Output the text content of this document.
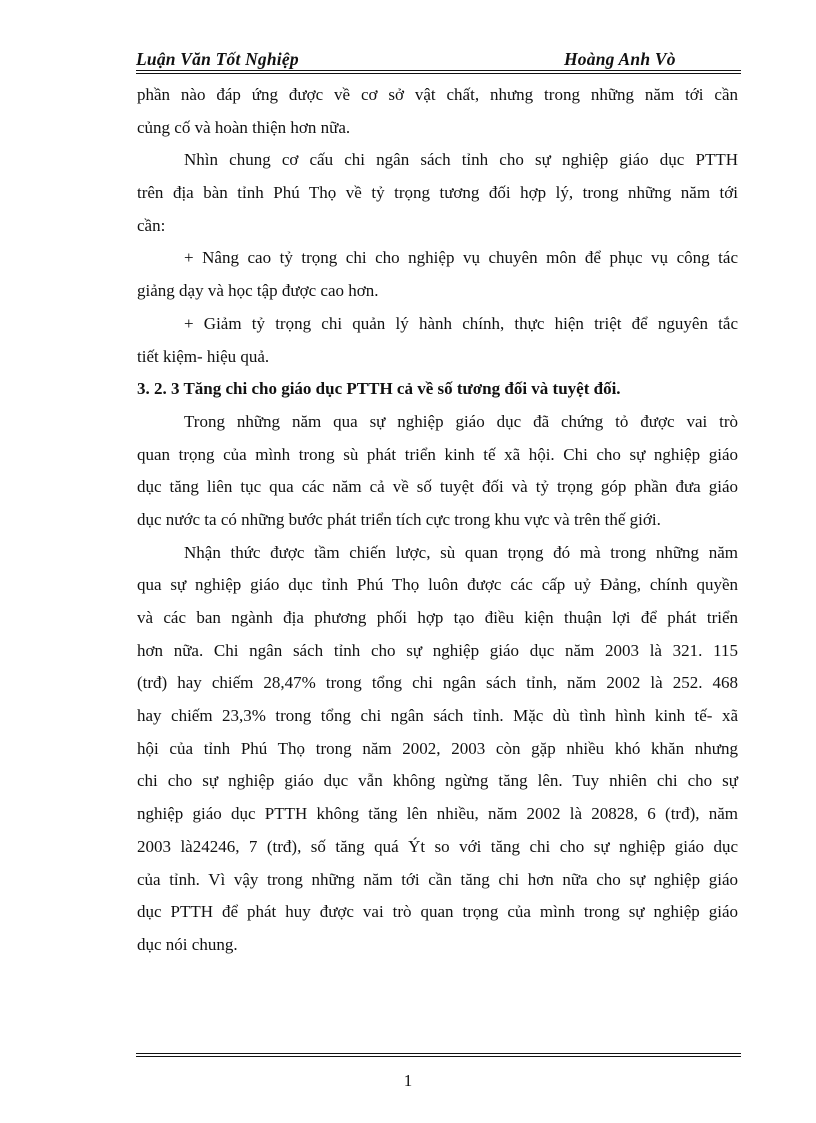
Luận Văn Tốt Nghiệp	Hoàng Anh Vò
phần nào đáp ứng được về cơ sở vật chất, nhưng trong những năm tới cần
củng cố và hoàn thiện hơn nữa.
Nhìn chung cơ cấu chi ngân sách tỉnh cho sự nghiệp giáo dục PTTH
trên địa bàn tỉnh Phú Thọ về tỷ trọng tương đối hợp lý, trong những năm tới
cần:
+ Nâng cao tỷ trọng chi cho nghiệp vụ chuyên môn để phục vụ công tác
giảng dạy và học tập được cao hơn.
+ Giảm tỷ trọng chi quản lý hành chính, thực hiện triệt để nguyên tắc
tiết kiệm- hiệu quả.
3. 2. 3 Tăng chi cho giáo dục PTTH cả về số tương đối và tuyệt đối.
Trong những năm qua sự nghiệp giáo dục đã chứng tỏ được vai trò
quan trọng của mình trong sù phát triển kinh tế xã hội. Chi cho sự nghiệp giáo
dục tăng liên tục qua các năm cả về số tuyệt đối và tỷ trọng góp phần đưa giáo
dục nước ta có những bước phát triển tích cực trong khu vực và trên thế giới.
Nhận thức được tầm chiến lược, sù quan trọng đó mà trong những năm
qua sự nghiệp giáo dục tỉnh Phú Thọ luôn được các cấp uỷ Đảng, chính quyền
và các ban ngành địa phương phối hợp tạo điều kiện thuận lợi để phát triển
hơn nữa. Chi ngân sách tỉnh cho sự nghiệp giáo dục năm 2003 là 321. 115
(trđ) hay chiếm 28,47% trong tổng chi ngân sách tỉnh, năm 2002 là 252. 468
hay chiếm 23,3% trong tổng chi ngân sách tỉnh. Mặc dù tình hình kinh tế- xã
hội của tỉnh Phú Thọ trong năm 2002, 2003 còn gặp nhiều khó khăn nhưng
chi cho sự nghiệp giáo dục vẫn không ngừng tăng lên. Tuy nhiên chi cho sự
nghiệp giáo dục PTTH không tăng lên nhiều, năm 2002 là 20828, 6 (trđ), năm
2003 là24246, 7 (trđ), số tăng quá Ýt so với tăng chi cho sự nghiệp giáo dục
của tỉnh. Vì vậy trong những năm tới cần tăng chi hơn nữa cho sự nghiệp giáo
dục PTTH để phát huy được vai trò quan trọng của mình trong sự nghiệp giáo
dục nói chung.
1
